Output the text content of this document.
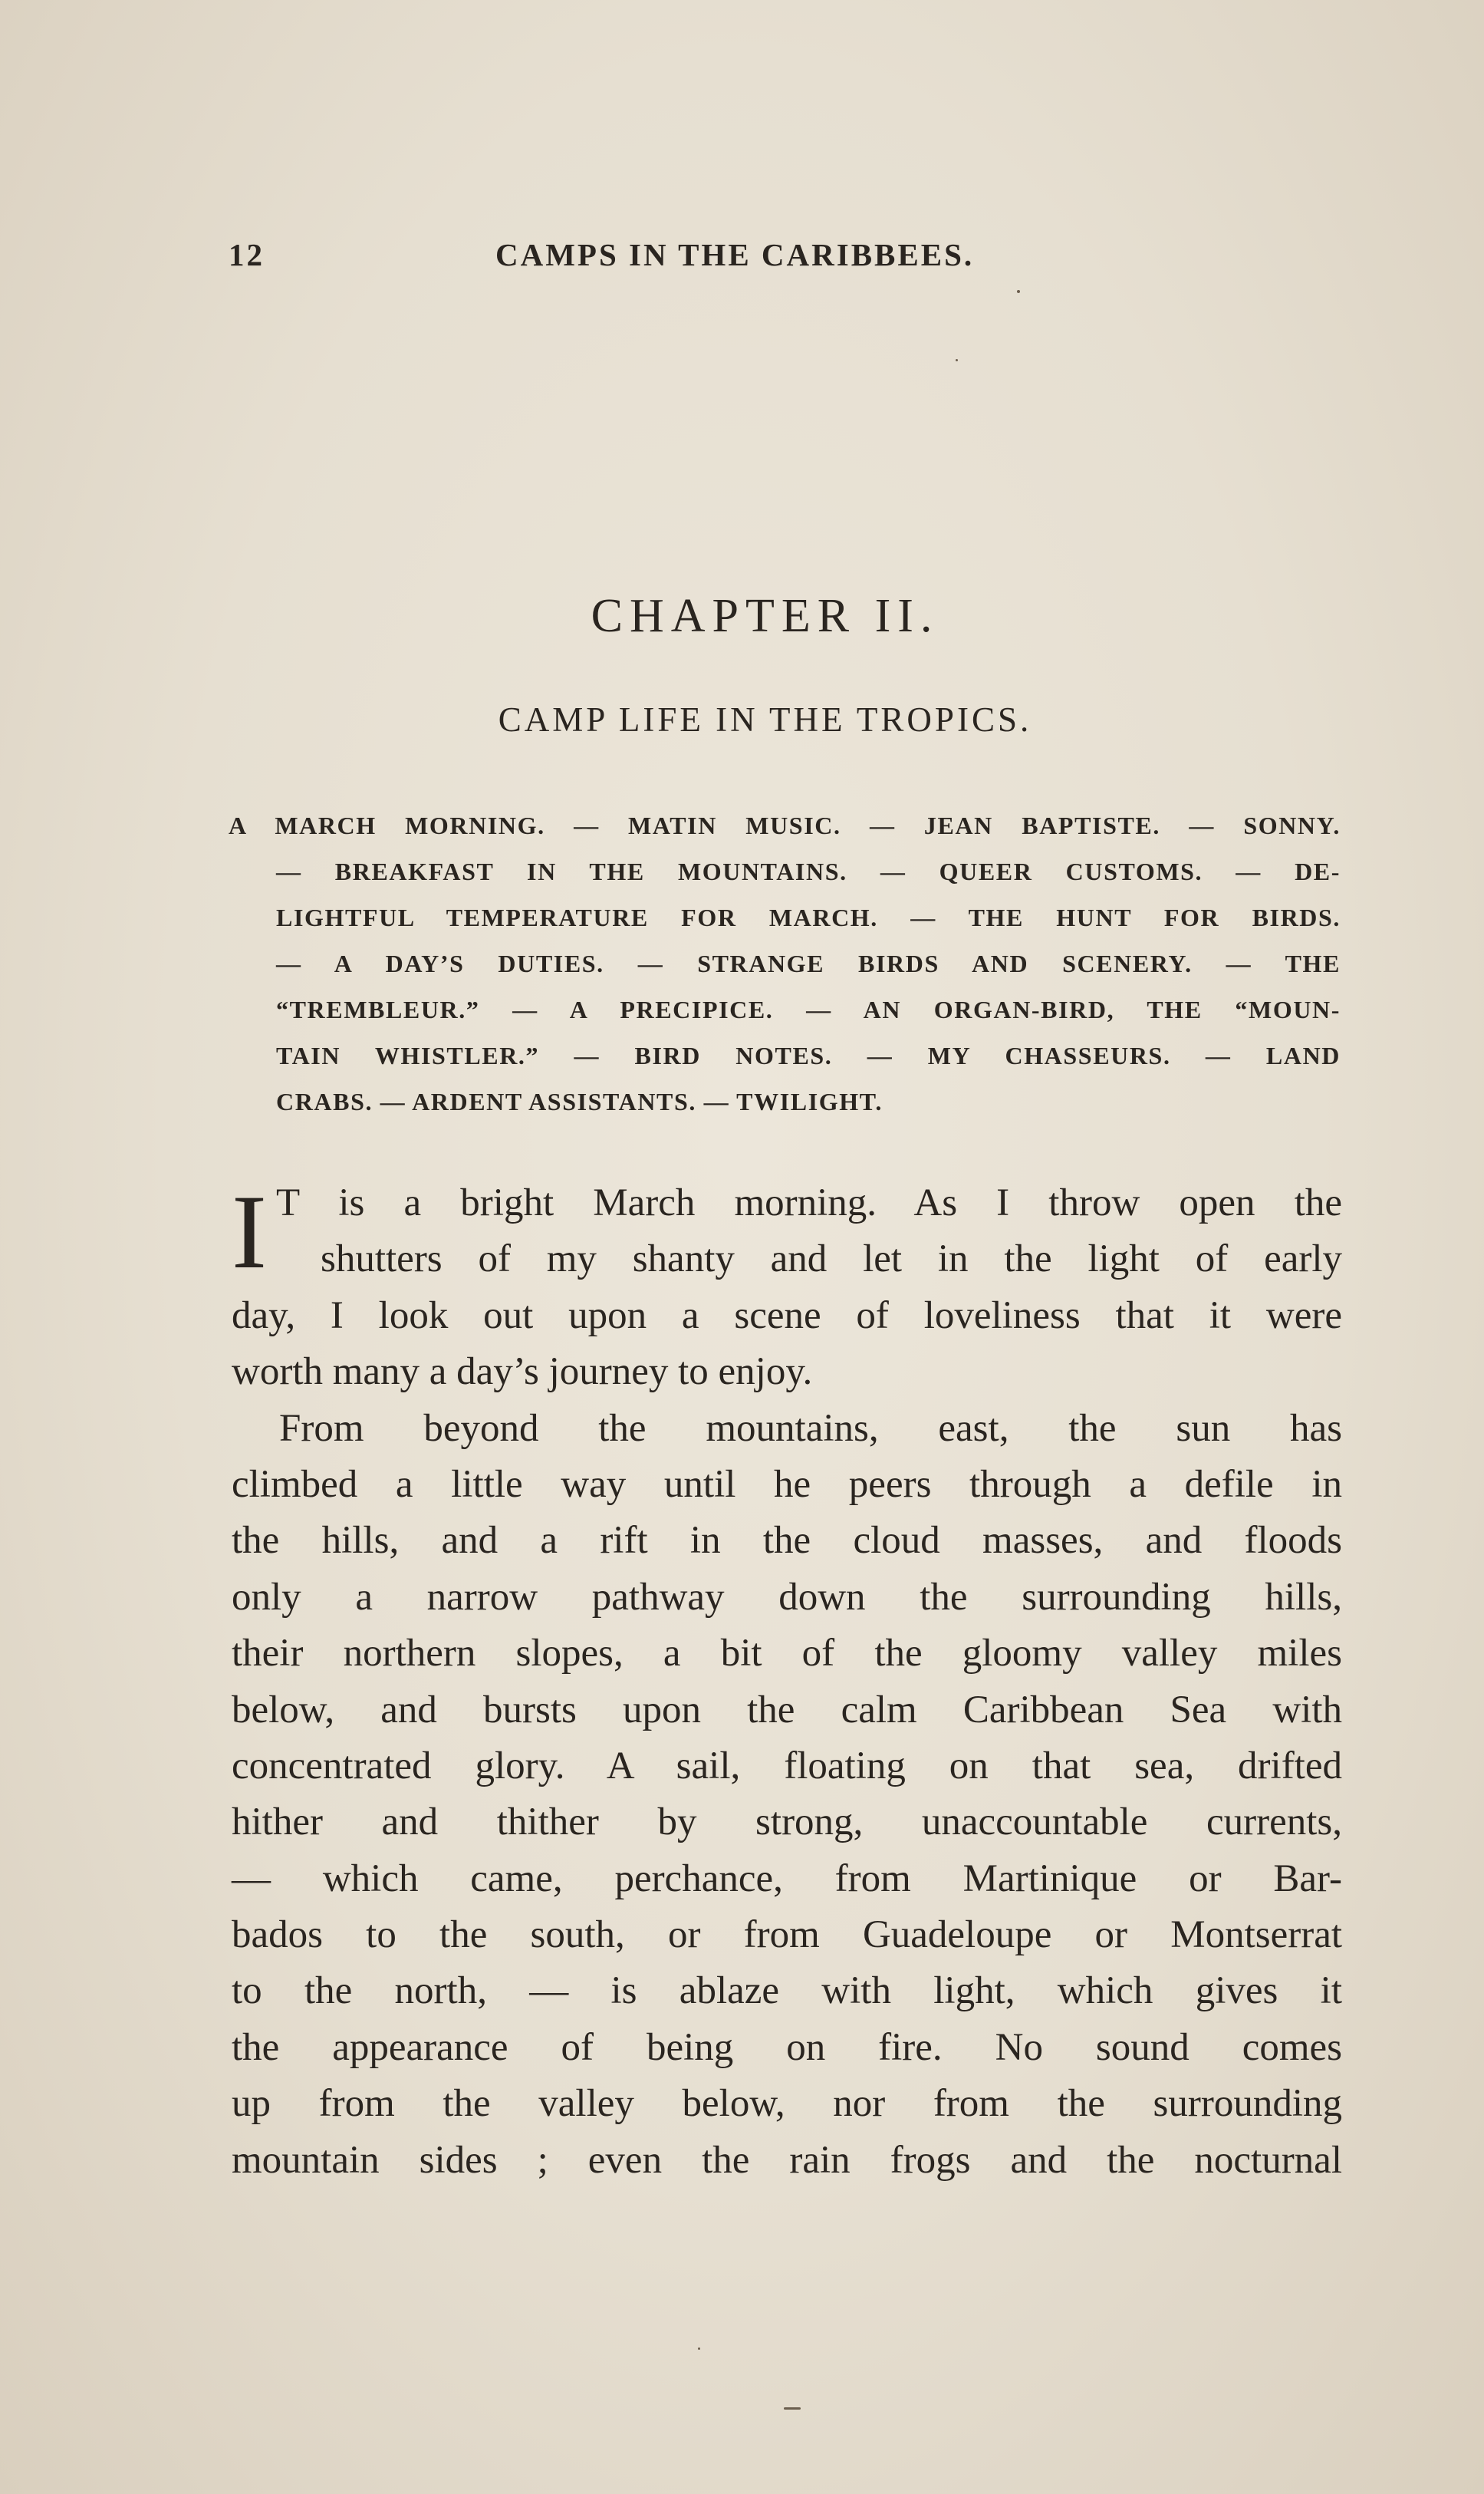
12	CAMPS IN THE CARIBBEES.
CHAPTER II.
CAMP LIFE IN THE TROPICS.
A MARCH MORNING. — MATIN MUSIC. — JEAN BAPTISTE. — SONNY.
— BREAKFAST IN THE MOUNTAINS. — QUEER CUSTOMS. — DE-
LIGHTFUL TEMPERATURE FOR MARCH. — THE HUNT FOR BIRDS.
— A DAY’S DUTIES. — STRANGE BIRDS AND SCENERY. — THE
“TREMBLEUR.” — A PRECIPICE. — AN ORGAN-BIRD, THE “MOUN-
TAIN WHISTLER.” — BIRD NOTES. — MY CHASSEURS. — LAND
CRABS. — ARDENT ASSISTANTS. — TWILIGHT.
I T is a bright March morning. As I throw open the
shutters of my shanty and let in the light of early
day, I look out upon a scene of loveliness that it were
worth many a day’s journey to enjoy.
From beyond the mountains, east, the sun has
climbed a little way until he peers through a defile in
the hills, and a rift in the cloud masses, and floods
only a narrow pathway down the surrounding hills,
their northern slopes, a bit of the gloomy valley miles
below, and bursts upon the calm Caribbean Sea with
concentrated glory. A sail, floating on that sea, drifted
hither and thither by strong, unaccountable currents,
— which came, perchance, from Martinique or Bar-
bados to the south, or from Guadeloupe or Montserrat
to the north, — is ablaze with light, which gives it
the appearance of being on fire. No sound comes
up from the valley below, nor from the surrounding
mountain sides ; even the rain frogs and the nocturnal
